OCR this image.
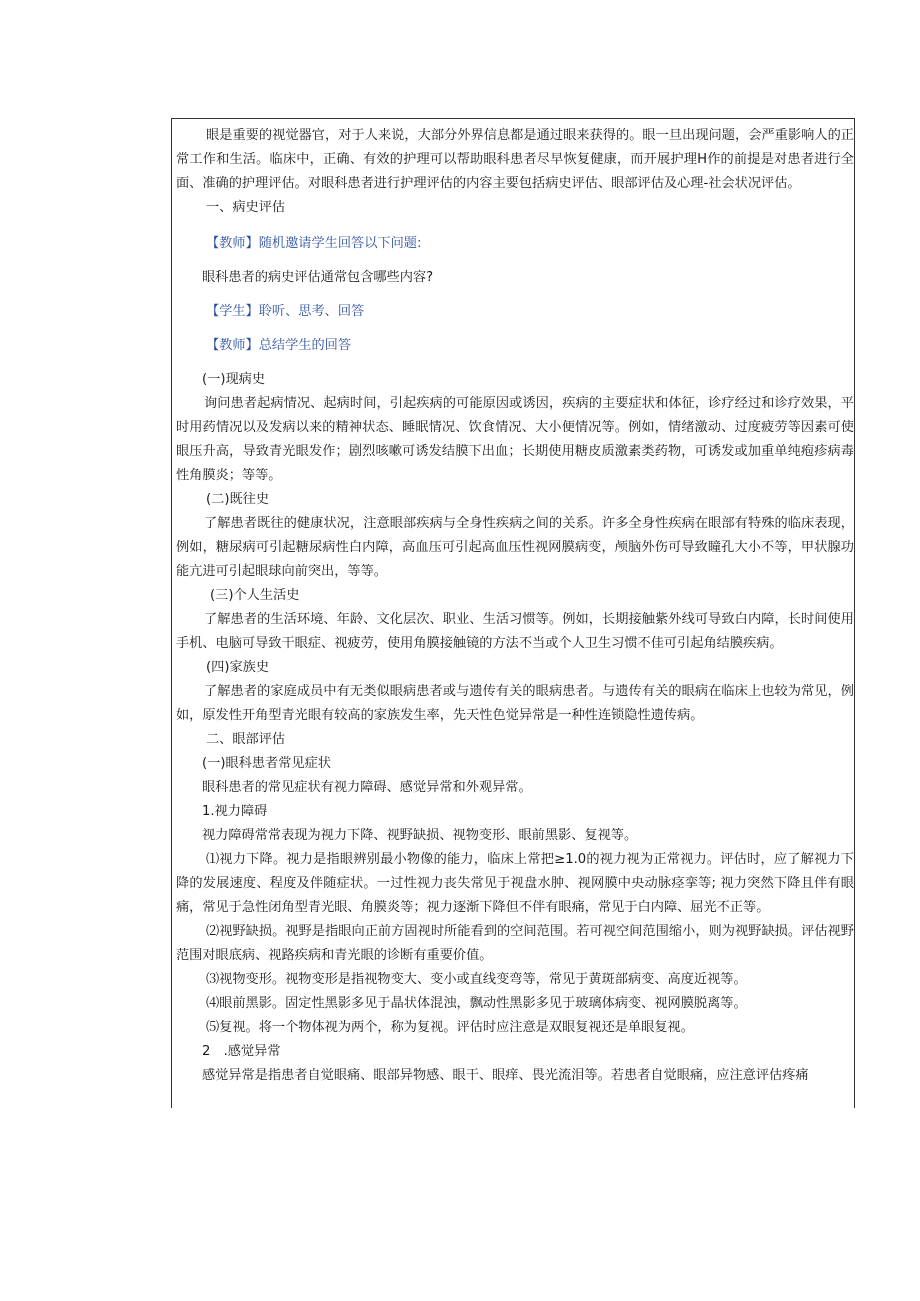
眼是重要的视觉器官，对于人来说，大部分外界信息都是通过眼来获得的。眼一旦出现问题，会严重影响人的正常工作和生活。临床中，正确、有效的护理可以帮助眼科患者尽早恢复健康，而开展护理H作的前提是对患者进行全面、准确的护理评估。对眼科患者进行护理评估的内容主要包括病史评估、眼部评估及心理-社会状况评估。

一、病史评估

【教师】随机邀请学生回答以下问题:

眼科患者的病史评估通常包含哪些内容?

【学生】聆听、思考、回答

【教师】总结学生的回答

(一)现病史

询问患者起病情况、起病时间，引起疾病的可能原因或诱因，疾病的主要症状和体征，诊疗经过和诊疗效果，平时用药情况以及发病以来的精神状态、睡眠情况、饮食情况、大小便情况等。例如，情绪激动、过度疲劳等因素可使眼压升高，导致青光眼发作；剧烈咳嗽可诱发结膜下出血；长期使用糖皮质激素类药物，可诱发或加重单纯疱疹病毒性角膜炎；等等。

(二)既往史

了解患者既往的健康状况，注意眼部疾病与全身性疾病之间的关系。许多全身性疾病在眼部有特殊的临床表现，例如，糖尿病可引起糖尿病性白内障，高血压可引起高血压性视网膜病变，颅脑外伤可导致瞳孔大小不等，甲状腺功能亢进可引起眼球向前突出，等等。

(三)个人生活史

了解患者的生活环境、年龄、文化层次、职业、生活习惯等。例如，长期接触紫外线可导致白内障，长时间使用手机、电脑可导致干眼症、视疲劳，使用角膜接触镜的方法不当或个人卫生习惯不佳可引起角结膜疾病。

(四)家族史

了解患者的家庭成员中有无类似眼病患者或与遗传有关的眼病患者。与遗传有关的眼病在临床上也较为常见，例如，原发性开角型青光眼有较高的家族发生率，先天性色觉异常是一种性连锁隐性遗传病。

二、眼部评估

(一)眼科患者常见症状

眼科患者的常见症状有视力障碍、感觉异常和外观异常。

1.视力障碍

视力障碍常常表现为视力下降、视野缺损、视物变形、眼前黑影、复视等。

⑴视力下降。视力是指眼辨别最小物像的能力，临床上常把≥1.0的视力视为正常视力。评估时，应了解视力下降的发展速度、程度及伴随症状。一过性视力丧失常见于视盘水肿、视网膜中央动脉痉挛等; 视力突然下降且伴有眼痛，常见于急性闭角型青光眼、角膜炎等；视力逐渐下降但不伴有眼痛，常见于白内障、屈光不正等。

⑵视野缺损。视野是指眼向正前方固视时所能看到的空间范围。若可视空间范围缩小，则为视野缺损。评估视野范围对眼底病、视路疾病和青光眼的诊断有重要价值。

⑶视物变形。视物变形是指视物变大、变小或直线变弯等，常见于黄斑部病变、高度近视等。

⑷眼前黑影。固定性黑影多见于晶状体混浊，飘动性黑影多见于玻璃体病变、视网膜脱离等。

⑸复视。将一个物体视为两个，称为复视。评估时应注意是双眼复视还是单眼复视。

2　.感觉异常

感觉异常是指患者自觉眼痛、眼部异物感、眼干、眼痒、畏光流泪等。若患者自觉眼痛，应注意评估疼痛
